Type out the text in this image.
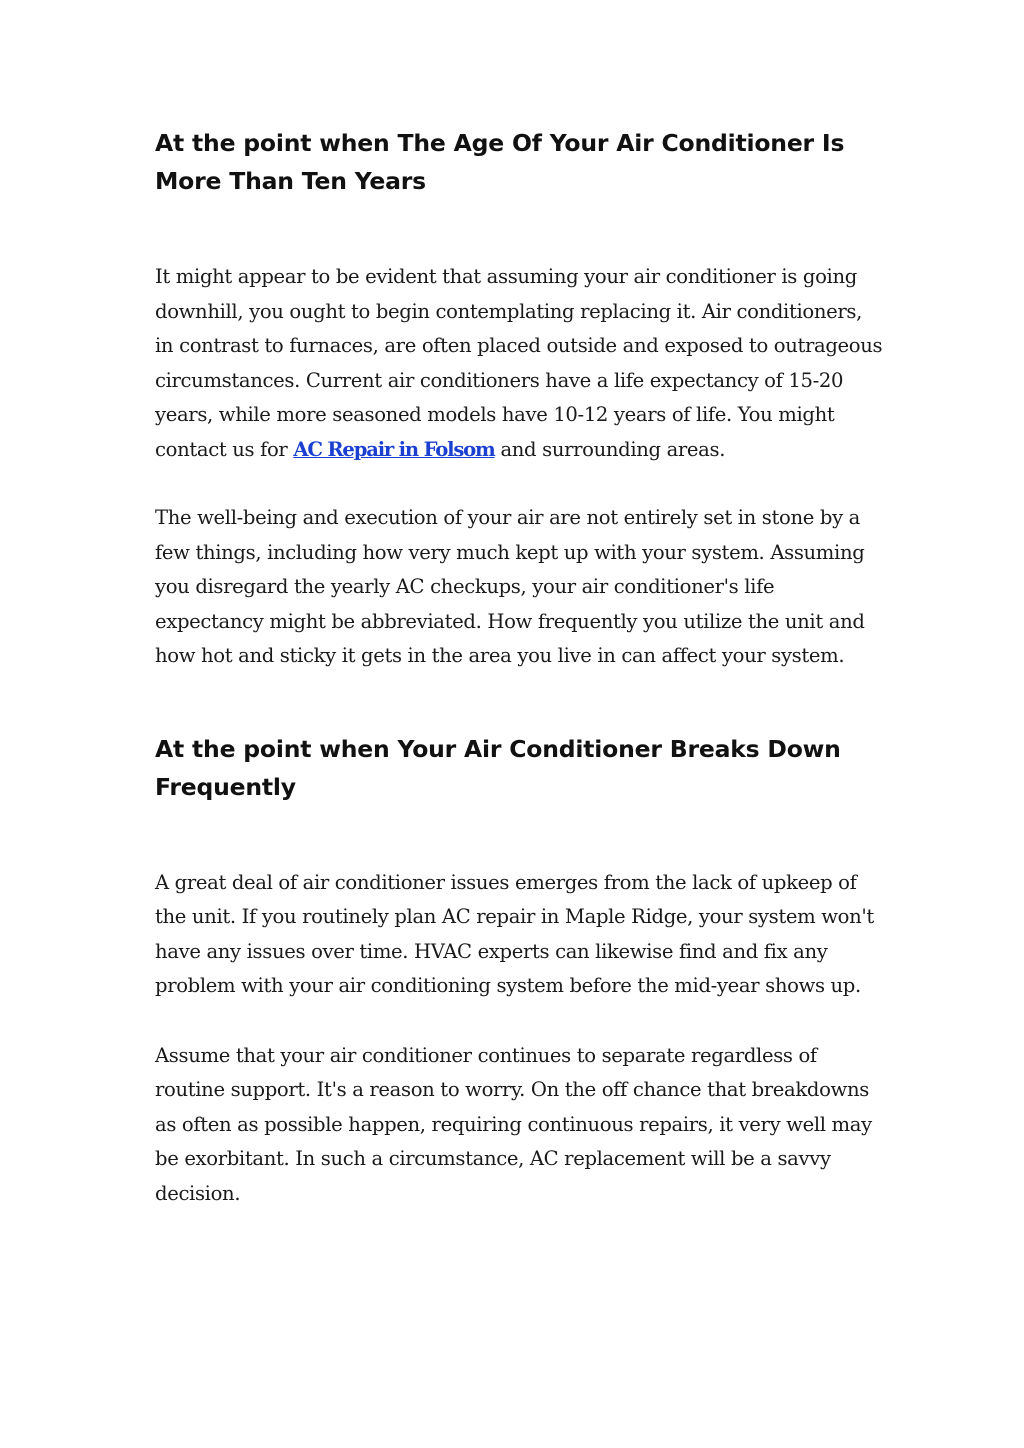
At the point when The Age Of Your Air Conditioner Is More Than Ten Years

It might appear to be evident that assuming your air conditioner is going downhill, you ought to begin contemplating replacing it. Air conditioners, in contrast to furnaces, are often placed outside and exposed to outrageous circumstances. Current air conditioners have a life expectancy of 15-20 years, while more seasoned models have 10-12 years of life. You might contact us for AC Repair in Folsom and surrounding areas.

The well-being and execution of your air are not entirely set in stone by a few things, including how very much kept up with your system. Assuming you disregard the yearly AC checkups, your air conditioner's life expectancy might be abbreviated. How frequently you utilize the unit and how hot and sticky it gets in the area you live in can affect your system.

At the point when Your Air Conditioner Breaks Down Frequently

A great deal of air conditioner issues emerges from the lack of upkeep of the unit. If you routinely plan AC repair in Maple Ridge, your system won't have any issues over time. HVAC experts can likewise find and fix any problem with your air conditioning system before the mid-year shows up.

Assume that your air conditioner continues to separate regardless of routine support. It's a reason to worry. On the off chance that breakdowns as often as possible happen, requiring continuous repairs, it very well may be exorbitant. In such a circumstance, AC replacement will be a savvy decision.
